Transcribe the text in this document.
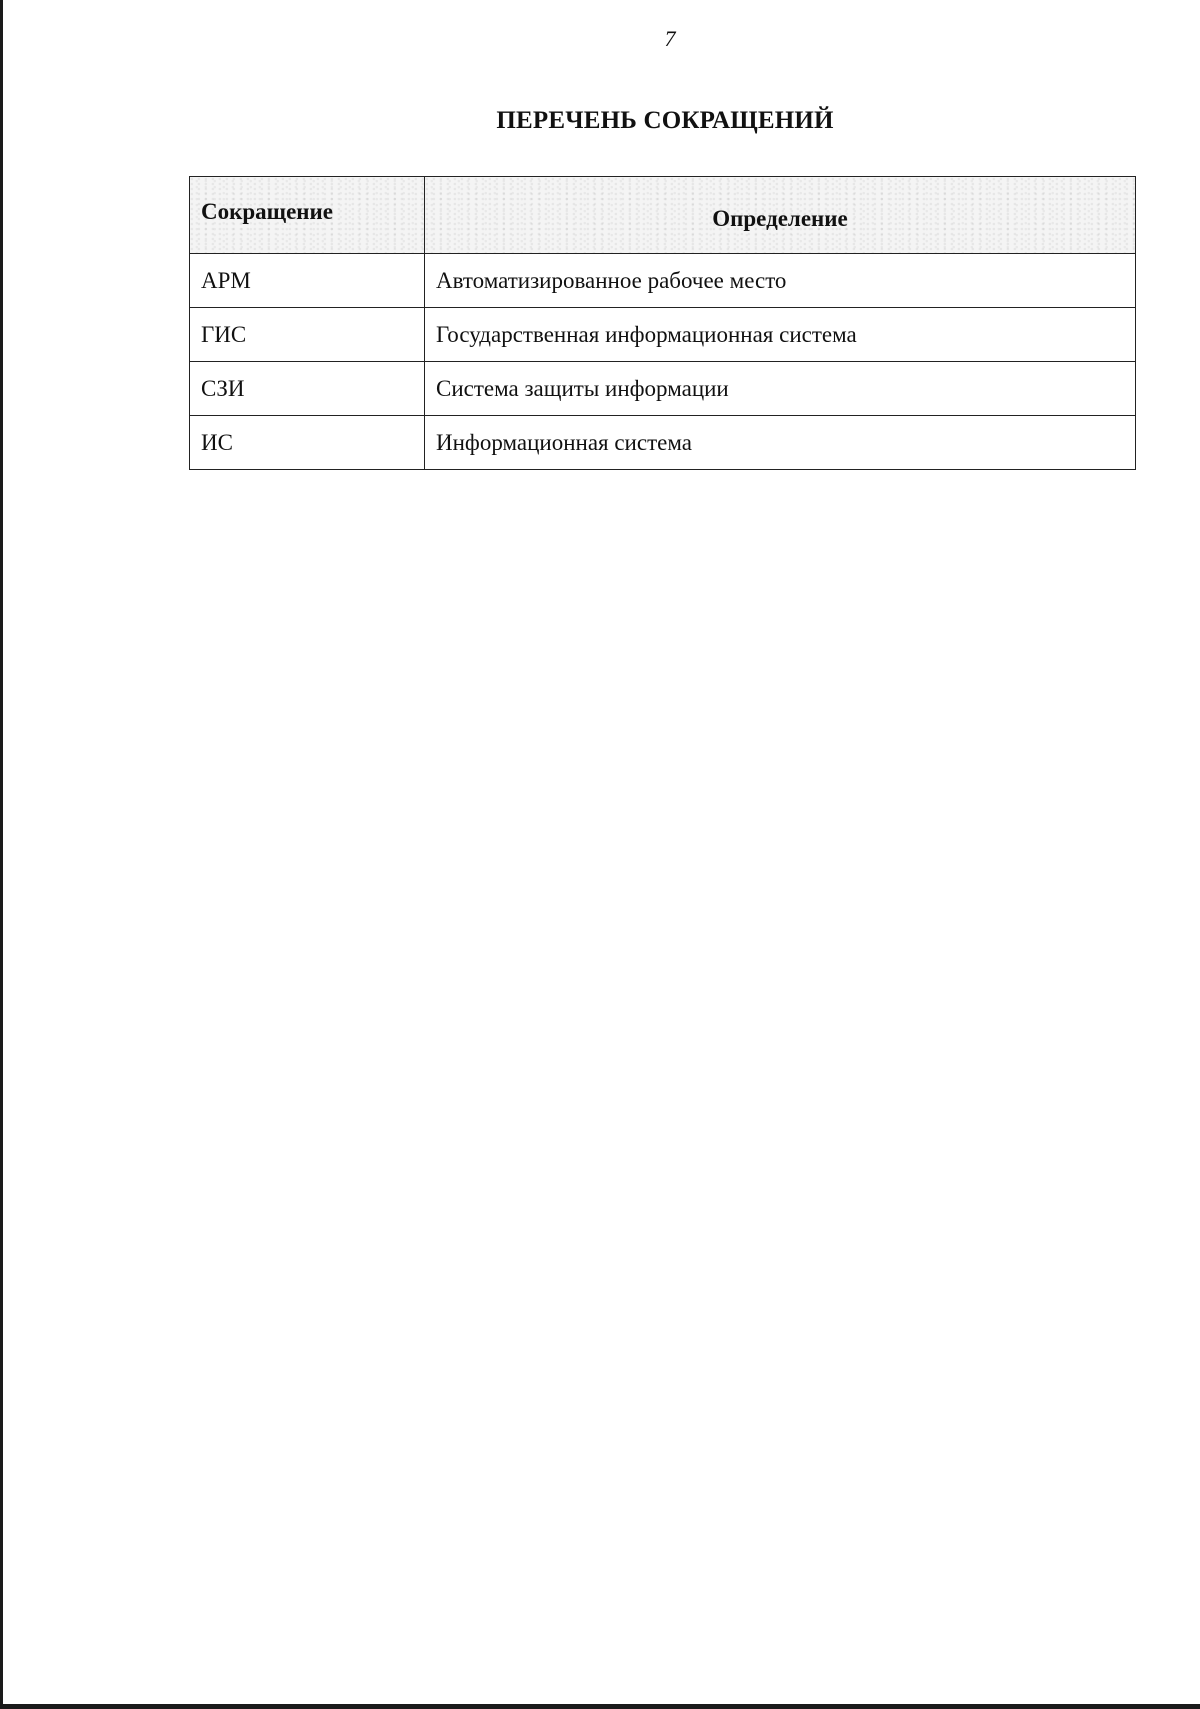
7
ПЕРЕЧЕНЬ СОКРАЩЕНИЙ
Сокращение	Определение
АРМ	Автоматизированное рабочее место
ГИС	Государственная информационная система
СЗИ	Система защиты информации
ИС	Информационная система
